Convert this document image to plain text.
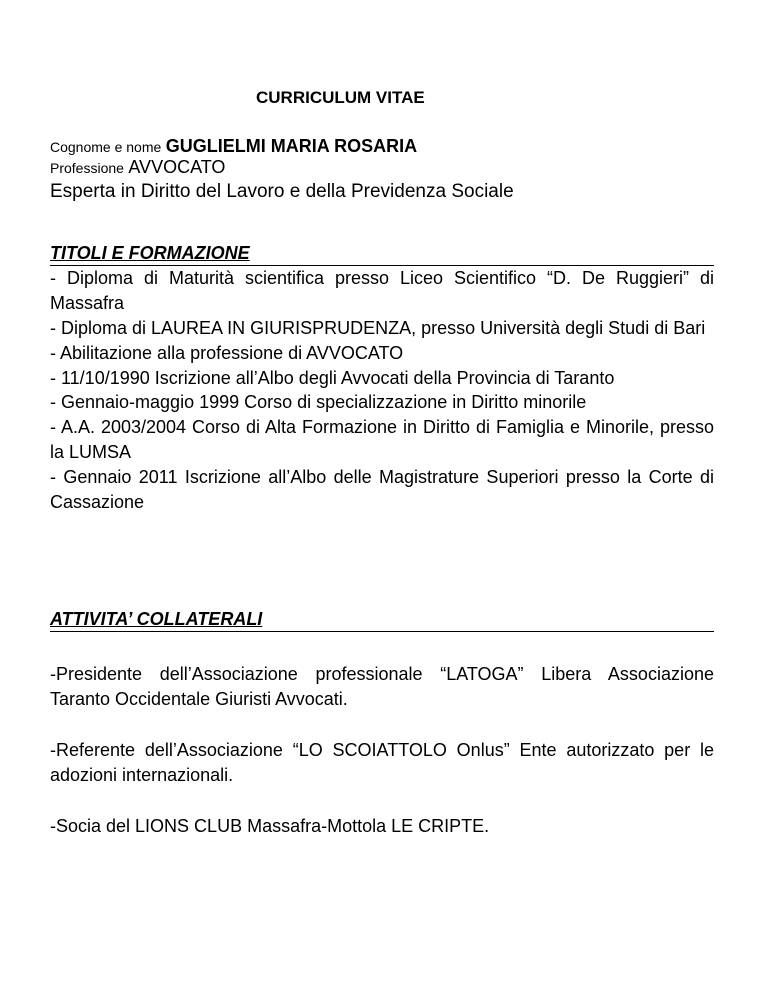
CURRICULUM VITAE
Cognome e nome GUGLIELMI MARIA ROSARIA
Professione AVVOCATO
Esperta in Diritto del Lavoro e della Previdenza Sociale
TITOLI E FORMAZIONE

- Diploma di Maturità scientifica presso Liceo Scientifico “D. De Ruggieri” di Massafra

- Diploma di LAUREA IN GIURISPRUDENZA, presso Università degli Studi di Bari

- Abilitazione alla professione di AVVOCATO

- 11/10/1990 Iscrizione all’Albo degli Avvocati della Provincia di Taranto

- Gennaio-maggio 1999 Corso di specializzazione in Diritto minorile

- A.A. 2003/2004 Corso di Alta Formazione in Diritto di Famiglia e Minorile, presso la LUMSA

- Gennaio 2011 Iscrizione all’Albo delle Magistrature Superiori presso la Corte di Cassazione

ATTIVITA’ COLLATERALI

-Presidente dell’Associazione professionale “LATOGA” Libera Associazione Taranto Occidentale Giuristi Avvocati.

-Referente dell’Associazione “LO SCOIATTOLO Onlus” Ente autorizzato per le adozioni internazionali.

-Socia del LIONS CLUB Massafra-Mottola LE CRIPTE.
